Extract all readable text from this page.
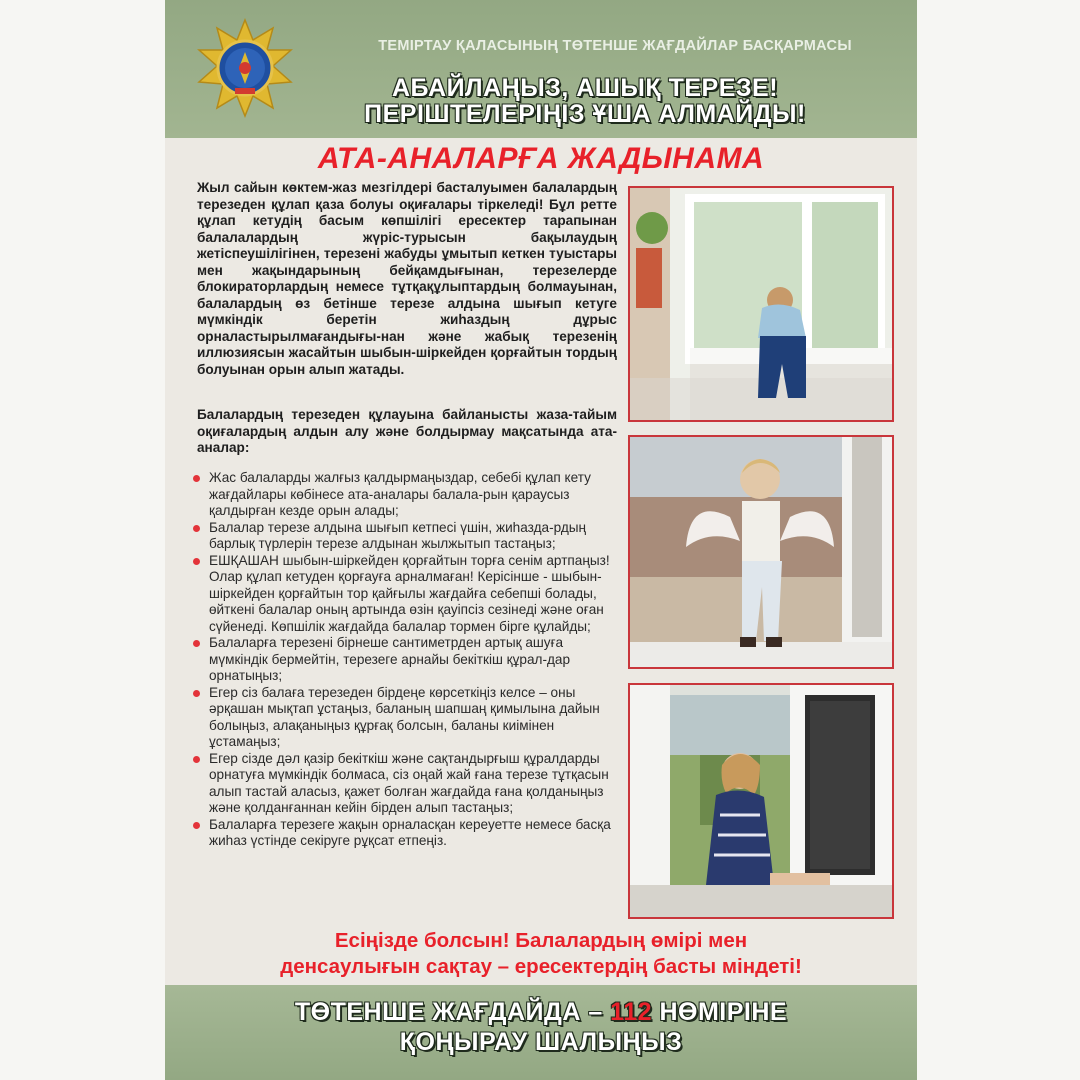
ТЕМІРТАУ ҚАЛАСЫНЫҢ ТӨТЕНШЕ ЖАҒДАЙЛАР БАСҚАРМАСЫ
АБАЙЛАҢЫЗ, АШЫҚ ТЕРЕЗЕ!
ПЕРІШТЕЛЕРІҢІЗ ҰША АЛМАЙДЫ!
АТА-АНАЛАРҒА ЖАДЫНАМА
Жыл сайын көктем-жаз мезгілдері басталуымен балалардың терезеден құлап қаза болуы оқиғалары тіркеледі! Бұл ретте құлап кетудің басым көпшілігі ересектер тарапынан балалалардың жүріс-турысын бақылаудың жетіспеушілігінен, терезені жабуды ұмытып кеткен туыстары мен жақындарының бейқамдығынан, терезелерде блокираторлардың немесе тұтқақұлыптардың болмауынан, балалардың өз бетінше терезе алдына шығып кетуге мүмкіндік беретін жиһаздың дұрыс орналастырылмағандығы-нан және жабық терезенің иллюзиясын жасайтын шыбын-шіркейден қорғайтын тордың болуынан орын алып жатады.
Балалардың терезеден құлауына байланысты жаза-тайым оқиғалардың алдын алу және болдырмау мақсатында ата-аналар:
Жас балаларды жалғыз қалдырмаңыздар, себебі құлап кету жағдайлары көбінесе ата-аналары балала-рын қараусыз қалдырған кезде орын алады;
Балалар терезе алдына шығып кетпесі үшін, жиһазда-рдың барлық түрлерін терезе алдынан жылжытып тастаңыз;
ЕШҚАШАН шыбын-шіркейден қорғайтын торға сенім артпаңыз! Олар құлап кетуден қорғауға арналмаған! Керісінше - шыбын-шіркейден қорғайтын тор қайғылы жағдайға себепші болады, өйткені балалар оның артында өзін қауіпсіз сезінеді және оған сүйенеді. Көпшілік жағдайда балалар тормен бірге құлайды;
Балаларға терезені бірнеше сантиметрден артық ашуға мүмкіндік бермейтін, терезеге арнайы бекіткіш құрал-дар орнатыңыз;
Егер сіз балаға терезеден бірдеңе көрсеткіңіз келсе – оны әрқашан мықтап ұстаңыз, баланың шапшаң қимылына дайын болыңыз, алақаныңыз құрғақ болсын, баланы киімінен ұстамаңыз;
Егер сізде дәл қазір бекіткіш және сақтандырғыш құралдарды орнатуға мүмкіндік болмаса, сіз оңай жай ғана терезе тұтқасын алып тастай аласыз, қажет болған жағдайда ғана қолданыңыз және қолданғаннан кейін бірден алып тастаңыз;
Балаларға терезеге жақын орналасқан кереуетте немесе басқа жиһаз үстінде секіруге рұқсат етпеңіз.
Есіңізде болсын! Балалардың өмірі мен
денсаулығын сақтау – ересектердің басты міндеті!
ТӨТЕНШЕ ЖАҒДАЙДА – 112 НӨМІРІНЕ
ҚОҢЫРАУ ШАЛЫҢЫЗ
